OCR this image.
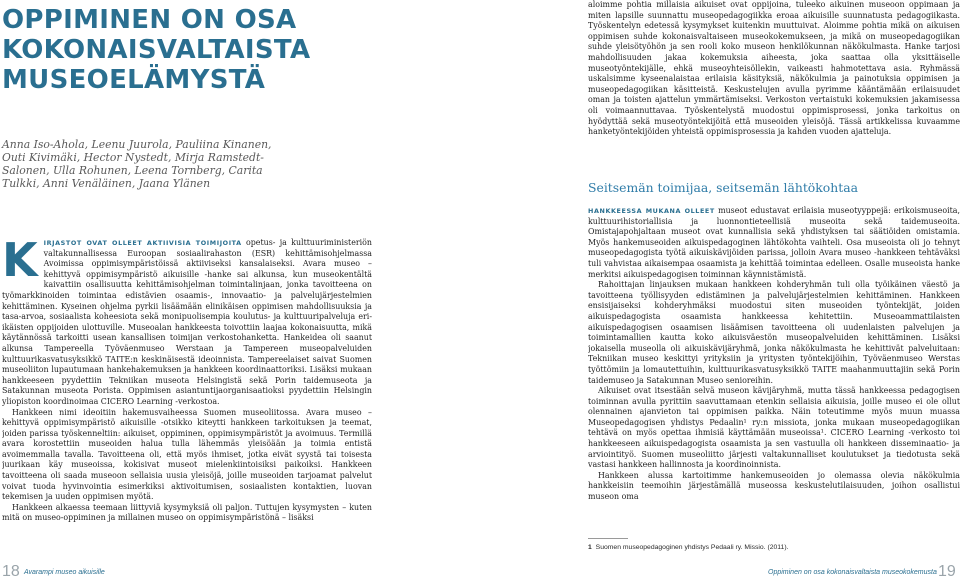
OPPIMINEN ON OSA
KOKONAISVALTAISTA
MUSEOELÄMYSTÄ

Anna Iso-Ahola, Leenu Juurola, Pauliina Kinanen, Outi Kivimäki, Hector Nystedt, Mirja Ramstedt-Salonen, Ulla Rohunen, Leena Tornberg, Carita Tulkki, Anni Venäläinen, Jaana Ylänen

KIRJASTOT OVAT OLLEET AKTIIVISIA TOIMIJOITA opetus- ja kulttuuriministeriön valtakunnallisessa Euroopan sosiaalirahaston (ESR) kehittämisohjelmassa Avoimissa oppimisympäristöissä aktiiviseksi kansalaiseksi. Avara museo – kehittyvä oppimisympäristö aikuisille -hanke sai alkunsa, kun museokentältä kaivattiin osallisuutta kehittämisohjelman toimintalinjaan, jonka tavoitteena on työmarkkinoiden toimintaa edistävien osaamis-, innovaatio- ja palvelujärjestelmien kehittäminen. Kyseinen ohjelma pyrkii lisäämään elinikäisen oppimisen mahdollisuuksia ja tasa-arvoa, sosiaalista koheesiota sekä monipuolisempia koulutus- ja kulttuuripalveluja eri-ikäisten oppijoiden ulottuville. Museoalan hankkeesta toivottiin laajaa kokonaisuutta, mikä käytännössä tarkoitti usean kansallisen toimijan verkostohanketta. Hankeidea oli saanut alkunsa Tampereella Työväenmuseo Werstaan ja Tampereen museopalveluiden kulttuurikasvatusyksikkö TAITE:n keskinäisestä ideoinnista. Tampereelaiset saivat Suomen museoliiton lupautumaan hankehakemuksen ja hankkeen koordinaattoriksi. Lisäksi mukaan hankkeeseen pyydettiin Tekniikan museota Helsingistä sekä Porin taidemuseota ja Satakunnan museota Porista. Oppimisen asiantuntijaorganisaatioksi pyydettiin Helsingin yliopiston koordinoimaa CICERO Learning -verkostoa.

Hankkeen nimi ideoitiin hakemusvaiheessa Suomen museoliitossa. Avara museo – kehittyvä oppimisympäristö aikuisille -otsikko kiteytti hankkeen tarkoituksen ja teemat, joiden parissa työskenneltiin: aikuiset, oppiminen, oppimisympäristöt ja avoimuus. Termillä avara korostettiin museoiden halua tulla lähemmäs yleisöään ja toimia entistä avoimemmalla tavalla. Tavoitteena oli, että myös ihmiset, jotka eivät syystä tai toisesta juurikaan käy museoissa, kokisivat museot mielenkiintoisiksi paikoiksi. Hankkeen tavoitteena oli saada museoon sellaisia uusia yleisöjä, joille museoiden tarjoamat palvelut voivat tuoda hyvinvointia esimerkiksi aktivoitumisen, sosiaalisten kontaktien, luovan tekemisen ja uuden oppimisen myötä.

Hankkeen alkaessa teemaan liittyviä kysymyksiä oli paljon. Tuttujen kysymysten – kuten mitä on museo-oppiminen ja millainen museo on oppimisympäristönä – lisäksi

18 Avarampi museo aikuisille

aloimme pohtia millaisia aikuiset ovat oppijoina, tuleeko aikuinen museoon oppimaan ja miten lapsille suunnattu museopedagogiikka eroaa aikuisille suunnatusta pedagogiikasta. Työskentelyn edetessä kysymykset kuitenkin muuttuivat. Aloimme pohtia mikä on aikuisen oppimisen suhde kokonaisvaltaiseen museokokemukseen, ja mikä on museopedagogiikan suhde yleisötyöhön ja sen rooli koko museon henkilökunnan näkökulmasta. Hanke tarjosi mahdollisuuden jakaa kokemuksia aiheesta, joka saattaa olla yksittäiselle museotyöntekijälle, ehkä museoyhteisöllekin, vaikeasti hahmotettava asia. Ryhmässä uskalsimme kyseenalaistaa erilaisia käsityksiä, näkökulmia ja painotuksia oppimisen ja museopedagogiikan käsitteistä. Keskustelujen avulla pyrimme kääntämään erilaisuudet oman ja toisten ajattelun ymmärtämiseksi. Verkoston vertaistuki kokemuksien jakamisessa oli voimaannuttavaa. Työskentelystä muodostui oppimisprosessi, jonka tarkoitus on hyödyttää sekä museotyöntekijöitä että museoiden yleisöjä. Tässä artikkelissa kuvaamme hanketyöntekijöiden yhteistä oppimisprosessia ja kahden vuoden ajatteluja.

Seitsemän toimijaa, seitsemän lähtökohtaa

HANKKEESSA MUKANA OLLEET museot edustavat erilaisia museotyyppejä: erikoismuseoita, kulttuurihistoriallisia ja luonnontieteellisiä museoita sekä taidemuseoita. Omistajapohjaltaan museot ovat kunnallisia sekä yhdistyksen tai säätiöiden omistamia. Myös hankemuseoiden aikuispedagoginen lähtökohta vaihteli. Osa museoista oli jo tehnyt museopedagogista työtä aikuiskävijöiden parissa, jolloin Avara museo -hankkeen tehtäväksi tuli vahvistaa aikaisempaa osaamista ja kehittää toimintaa edelleen. Osalle museoista hanke merkitsi aikuispedagogisen toiminnan käynnistämistä.

Rahoittajan linjauksen mukaan hankkeen kohderyhmän tuli olla työikäinen väestö ja tavoitteena työllisyyden edistäminen ja palvelujärjestelmien kehittäminen. Hankkeen ensisijaiseksi kohderyhmäksi muodostui siten museoiden työntekijät, joiden aikuispedagogista osaamista hankkeessa kehitettiin. Museoammattilaisten aikuispedagogisen osaamisen lisäämisen tavoitteena oli uudenlaisten palvelujen ja toimintamallien kautta koko aikuisväestön museopalveluiden kehittäminen. Lisäksi jokaisella museolla oli aikuiskävijäryhmä, jonka näkökulmasta he kehittivät palveluitaan: Tekniikan museo keskittyi yrityksiin ja yritysten työntekijöihin, Työväenmuseo Werstas työttömiin ja lomautettuihin, kulttuurikasvatusyksikkö TAITE maahanmuuttajiin sekä Porin taidemuseo ja Satakunnan Museo senioreihin.

Aikuiset ovat itsestään selvä museon kävijäryhmä, mutta tässä hankkeessa pedagogisen toiminnan avulla pyrittiin saavuttamaan etenkin sellaisia aikuisia, joille museo ei ole ollut olennainen ajanvieton tai oppimisen paikka. Näin toteutimme myös muun muassa Museopedagogisen yhdistys Pedaalin¹ ry:n missiota, jonka mukaan museopedagogiikan tehtävä on myös opettaa ihmisiä käyttämään museoissa¹. CICERO Learning -verkosto toi hankkeeseen aikuispedagogista osaamista ja sen vastuulla oli hankkeen disseminaatio- ja arviointityö. Suomen museoliitto järjesti valtakunnalliset koulutukset ja tiedotusta sekä vastasi hankkeen hallinnosta ja koordinoinnista.

Hankkeen alussa kartoitimme hankemuseoiden jo olemassa olevia näkökulmia hankkeisiin teemoihin järjestämällä museossa keskustelutilaisuuden, joihon osallistui museon oma

1 Suomen museopedagoginen yhdistys Pedaali ry. Missio. (2011).

Oppiminen on osa kokonaisvaltaista museokokemusta 19
